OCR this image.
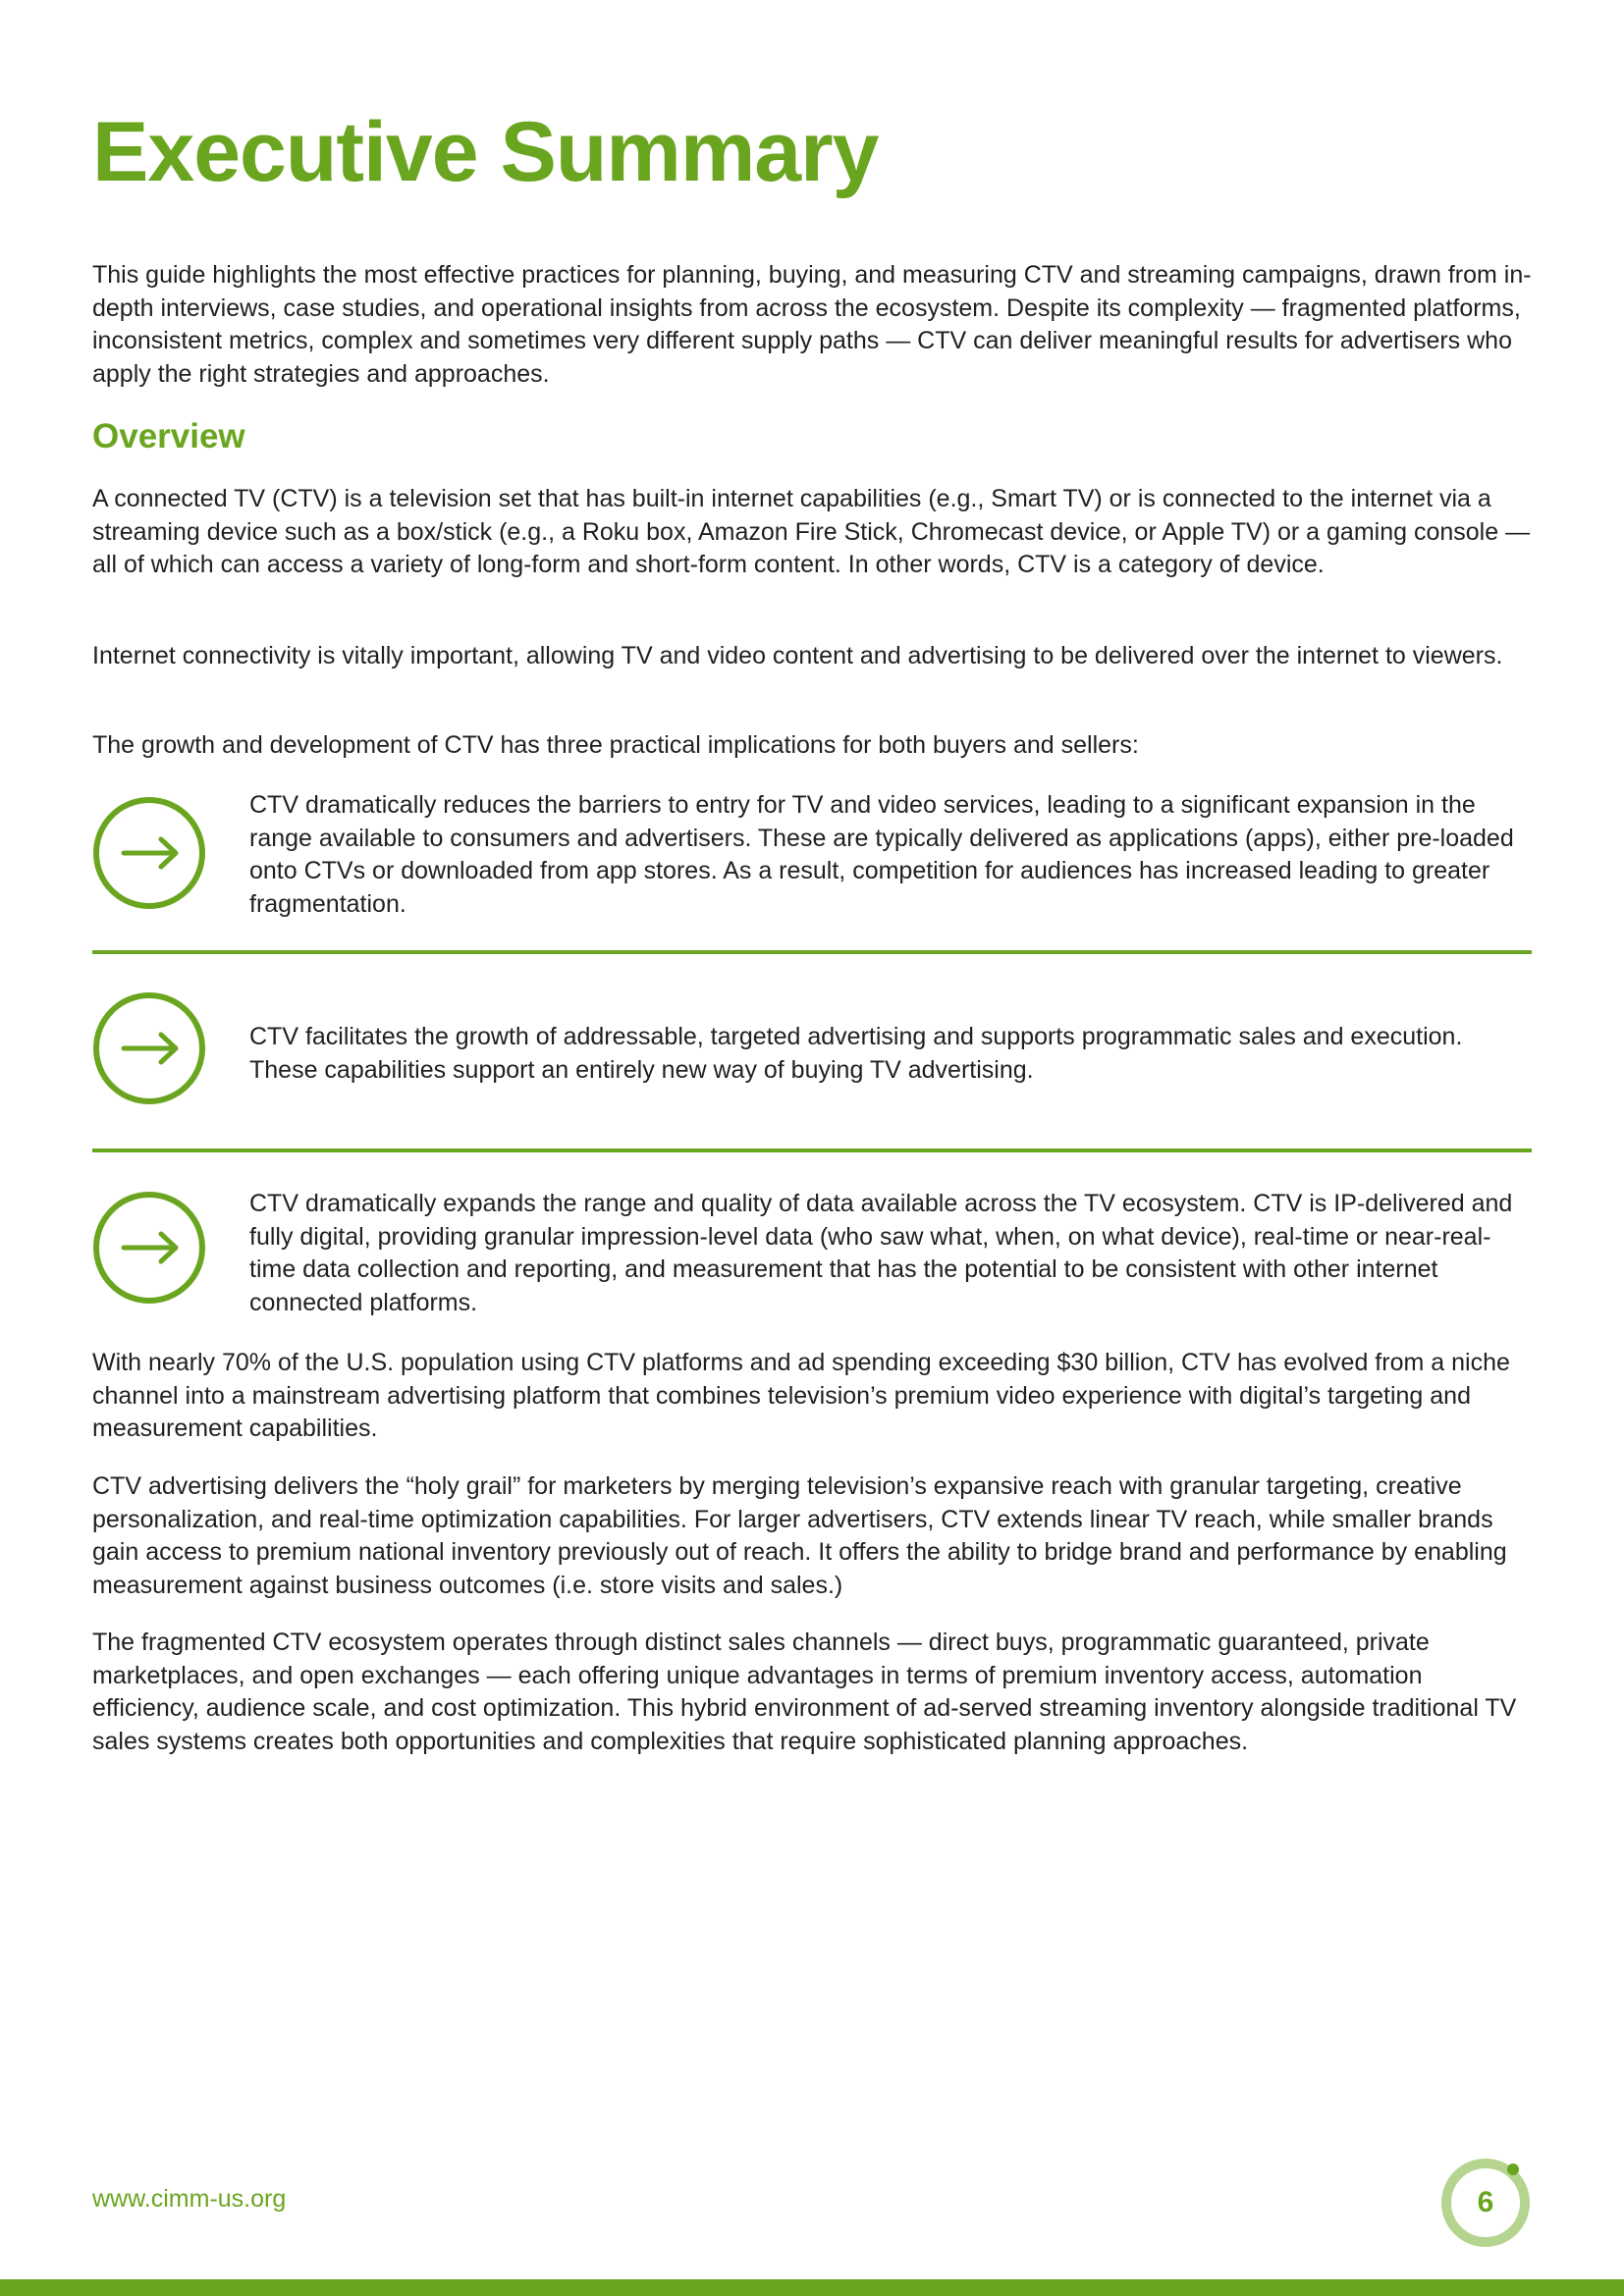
Executive Summary

This guide highlights the most effective practices for planning, buying, and measuring CTV and streaming campaigns, drawn from in-depth interviews, case studies, and operational insights from across the ecosystem. Despite its complexity — fragmented platforms, inconsistent metrics, complex and sometimes very different supply paths — CTV can deliver meaningful results for advertisers who apply the right strategies and approaches.

Overview

A connected TV (CTV) is a television set that has built-in internet capabilities (e.g., Smart TV) or is connected to the internet via a streaming device such as a box/stick (e.g., a Roku box, Amazon Fire Stick, Chromecast device, or Apple TV) or a gaming console — all of which can access a variety of long-form and short-form content. In other words, CTV is a category of device.

Internet connectivity is vitally important, allowing TV and video content and advertising to be delivered over the internet to viewers.

The growth and development of CTV has three practical implications for both buyers and sellers:

CTV dramatically reduces the barriers to entry for TV and video services, leading to a significant expansion in the range available to consumers and advertisers. These are typically delivered as applications (apps), either pre-loaded onto CTVs or downloaded from app stores. As a result, competition for audiences has increased leading to greater fragmentation.

CTV facilitates the growth of addressable, targeted advertising and supports programmatic sales and execution. These capabilities support an entirely new way of buying TV advertising.

CTV dramatically expands the range and quality of data available across the TV ecosystem. CTV is IP-delivered and fully digital, providing granular impression-level data (who saw what, when, on what device), real-time or near-real-time data collection and reporting, and measurement that has the potential to be consistent with other internet connected platforms.

With nearly 70% of the U.S. population using CTV platforms and ad spending exceeding $30 billion, CTV has evolved from a niche channel into a mainstream advertising platform that combines television’s premium video experience with digital’s targeting and measurement capabilities.

CTV advertising delivers the “holy grail” for marketers by merging television’s expansive reach with granular targeting, creative personalization, and real-time optimization capabilities. For larger advertisers, CTV extends linear TV reach, while smaller brands gain access to premium national inventory previously out of reach. It offers the ability to bridge brand and performance by enabling measurement against business outcomes (i.e. store visits and sales.)

The fragmented CTV ecosystem operates through distinct sales channels — direct buys, programmatic guaranteed, private marketplaces, and open exchanges — each offering unique advantages in terms of premium inventory access, automation efficiency, audience scale, and cost optimization. This hybrid environment of ad-served streaming inventory alongside traditional TV sales systems creates both opportunities and complexities that require sophisticated planning approaches.

www.cimm-us.org	6
